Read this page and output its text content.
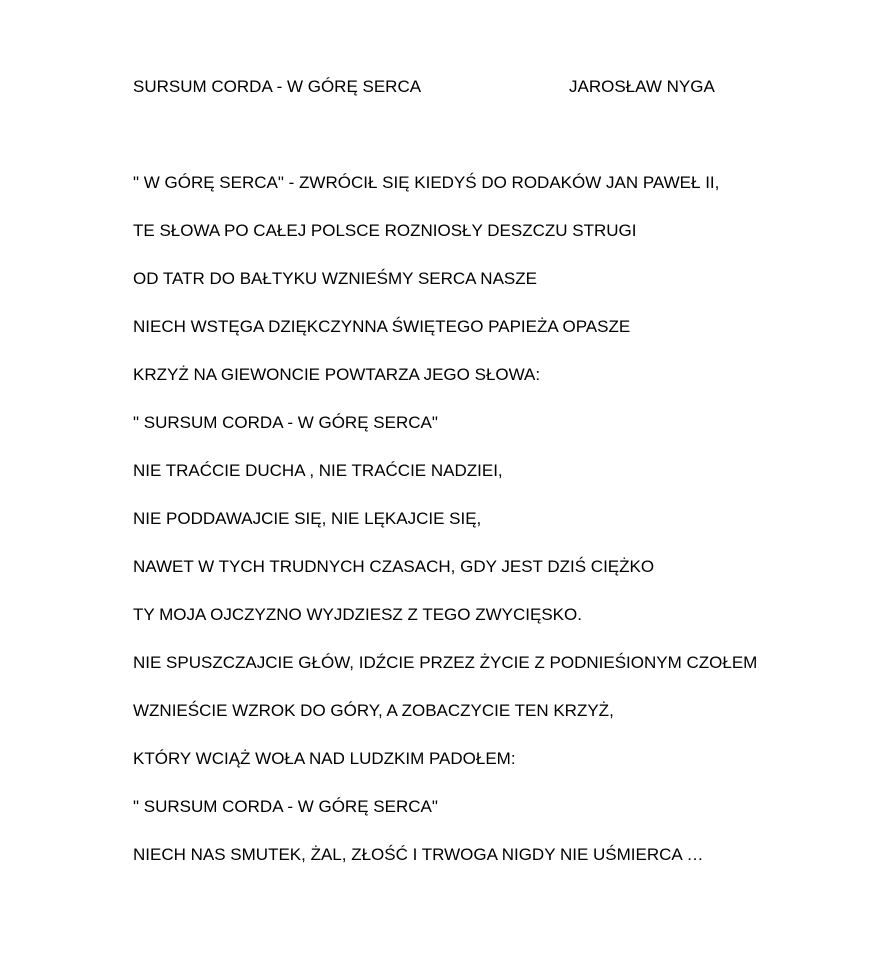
SURSUM CORDA - W GÓRĘ SERCA	JAROSŁAW NYGA
" W GÓRĘ SERCA" - ZWRÓCIŁ SIĘ KIEDYŚ DO RODAKÓW JAN PAWEŁ II,
TE SŁOWA PO CAŁEJ POLSCE ROZNIOSŁY DESZCZU STRUGI
OD TATR DO BAŁTYKU WZNIEŚMY SERCA NASZE
NIECH WSTĘGA DZIĘKCZYNNA ŚWIĘTEGO PAPIEŻA OPASZE
KRZYŻ NA GIEWONCIE POWTARZA JEGO SŁOWA:
" SURSUM CORDA - W GÓRĘ SERCA"
NIE TRAĆCIE DUCHA , NIE TRAĆCIE NADZIEI,
NIE PODDAWAJCIE SIĘ, NIE LĘKAJCIE SIĘ,
NAWET W TYCH TRUDNYCH CZASACH, GDY JEST DZIŚ CIĘŻKO
TY MOJA OJCZYZNO WYJDZIESZ Z TEGO ZWYCIĘSKO.
NIE SPUSZCZAJCIE GŁÓW, IDŹCIE PRZEZ ŻYCIE Z PODNIEŚIONYM CZOŁEM
WZNIEŚCIE WZROK DO GÓRY, A ZOBACZYCIE TEN KRZYŻ,
KTÓRY WCIĄŻ WOŁA NAD LUDZKIM PADOŁEM:
" SURSUM CORDA - W GÓRĘ SERCA"
NIECH NAS SMUTEK, ŻAL, ZŁOŚĆ I TRWOGA NIGDY NIE UŚMIERCA …
